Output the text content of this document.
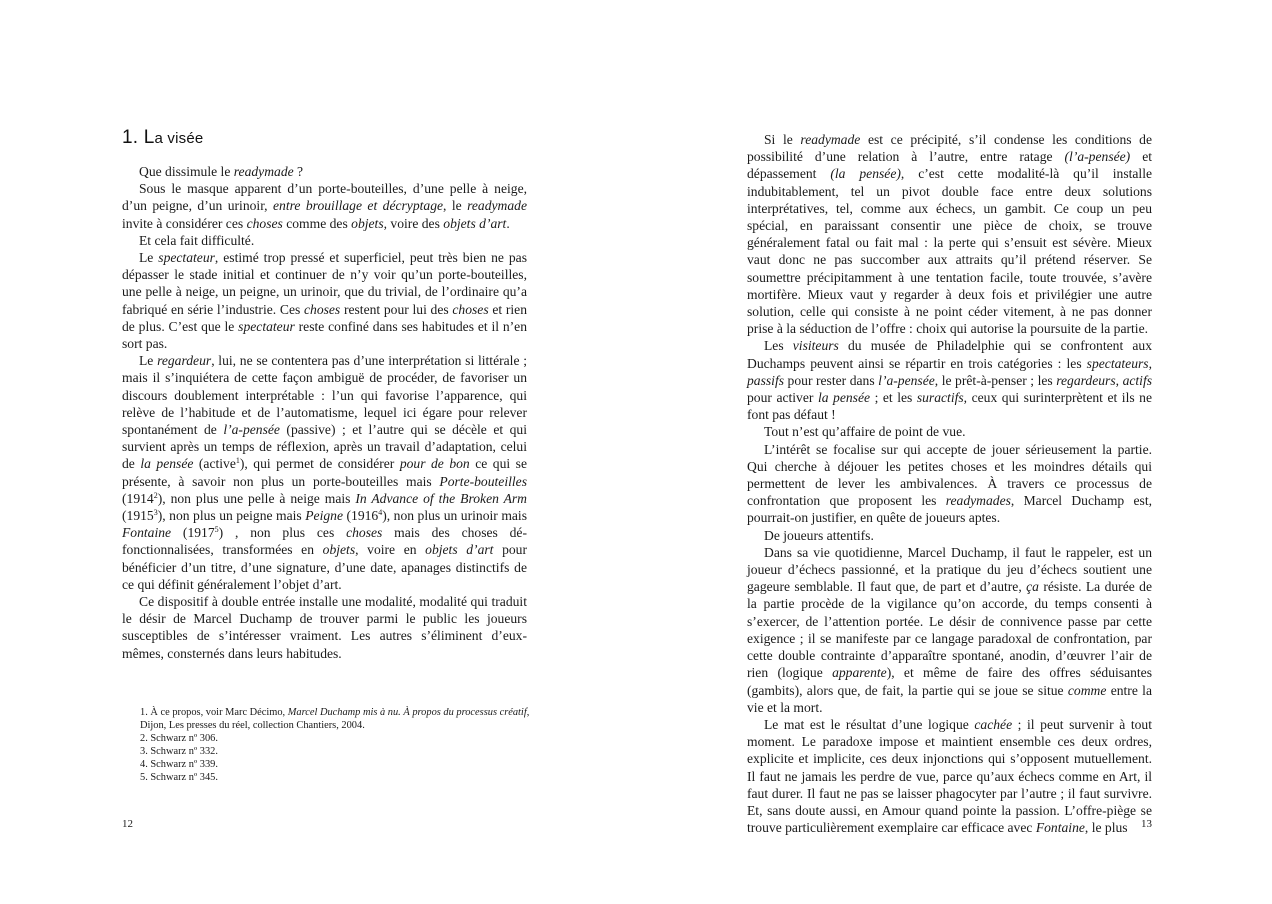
1. La visée

Que dissimule le readymade ?

Sous le masque apparent d’un porte-bouteilles, d’une pelle à neige, d’un peigne, d’un urinoir, entre brouillage et décryptage, le readymade invite à considérer ces choses comme des objets, voire des objets d’art.

Et cela fait difficulté.

Le spectateur, estimé trop pressé et superficiel, peut très bien ne pas dépasser le stade initial et continuer de n’y voir qu’un porte-bouteilles, une pelle à neige, un peigne, un urinoir, que du trivial, de l’ordinaire qu’a fabriqué en série l’industrie. Ces choses restent pour lui des choses et rien de plus. C’est que le spectateur reste confiné dans ses habitudes et il n’en sort pas.

Le regardeur, lui, ne se contentera pas d’une interprétation si littérale ; mais il s’inquiétera de cette façon ambiguë de procéder, de favoriser un discours doublement interprétable : l’un qui favorise l’apparence, qui relève de l’habitude et de l’automatisme, lequel ici égare pour relever spontanément de l’a-pensée (passive) ; et l’autre qui se décèle et qui survient après un temps de réflexion, après un travail d’adaptation, celui de la pensée (active$^1$), qui permet de considérer pour de bon ce qui se présente, à savoir non plus un porte-bouteilles mais Porte-bouteilles (1914$^2$), non plus une pelle à neige mais In Advance of the Broken Arm (1915$^3$), non plus un peigne mais Peigne (1916$^4$), non plus un urinoir mais Fontaine (1917$^5$) , non plus ces choses mais des choses dé-fonctionnalisées, transformées en objets, voire en objets d’art pour bénéficier d’un titre, d’une signature, d’une date, apanages distinctifs de ce qui définit généralement l’objet d’art.

Ce dispositif à double entrée installe une modalité, modalité qui traduit le désir de Marcel Duchamp de trouver parmi le public les joueurs susceptibles de s’intéresser vraiment. Les autres s’éliminent d’eux-mêmes, consternés dans leurs habitudes.

1. À ce propos, voir Marc Décimo, Marcel Duchamp mis à nu. À propos du processus créatif, Dijon, Les presses du réel, collection Chantiers, 2004.
2. Schwarz nº 306.
3. Schwarz nº 332.
4. Schwarz nº 339.
5. Schwarz nº 345.
12

Si le readymade est ce précipité, s’il condense les conditions de possibilité d’une relation à l’autre, entre ratage (l’a-pensée) et dépassement (la pensée), c’est cette modalité-là qu’il installe indubitablement, tel un pivot double face entre deux solutions interprétatives, tel, comme aux échecs, un gambit. Ce coup un peu spécial, en paraissant consentir une pièce de choix, se trouve généralement fatal ou fait mal : la perte qui s’ensuit est sévère. Mieux vaut donc ne pas succomber aux attraits qu’il prétend réserver. Se soumettre précipitamment à une tentation facile, toute trouvée, s’avère mortifère. Mieux vaut y regarder à deux fois et privilégier une autre solution, celle qui consiste à ne point céder vitement, à ne pas donner prise à la séduction de l’offre : choix qui autorise la poursuite de la partie.

Les visiteurs du musée de Philadelphie qui se confrontent aux Duchamps peuvent ainsi se répartir en trois catégories : les spectateurs, passifs pour rester dans l’a-pensée, le prêt-à-penser ; les regardeurs, actifs pour activer la pensée ; et les suractifs, ceux qui surinterprètent et ils ne font pas défaut !

Tout n’est qu’affaire de point de vue.

L’intérêt se focalise sur qui accepte de jouer sérieusement la partie. Qui cherche à déjouer les petites choses et les moindres détails qui permettent de lever les ambivalences. À travers ce processus de confrontation que proposent les readymades, Marcel Duchamp est, pourrait-on justifier, en quête de joueurs aptes.

De joueurs attentifs.

Dans sa vie quotidienne, Marcel Duchamp, il faut le rappeler, est un joueur d’échecs passionné, et la pratique du jeu d’échecs soutient une gageure semblable. Il faut que, de part et d’autre, ça résiste. La durée de la partie procède de la vigilance qu’on accorde, du temps consenti à s’exercer, de l’attention portée. Le désir de connivence passe par cette exigence ; il se manifeste par ce langage paradoxal de confrontation, par cette double contrainte d’apparaître spontané, anodin, d’œuvrer l’air de rien (logique apparente), et même de faire des offres séduisantes (gambits), alors que, de fait, la partie qui se joue se situe comme entre la vie et la mort.

Le mat est le résultat d’une logique cachée ; il peut survenir à tout moment. Le paradoxe impose et maintient ensemble ces deux ordres, explicite et implicite, ces deux injonctions qui s’opposent mutuellement. Il faut ne jamais les perdre de vue, parce qu’aux échecs comme en Art, il faut durer. Il faut ne pas se laisser phagocyter par l’autre ; il faut survivre. Et, sans doute aussi, en Amour quand pointe la passion. L’offre-piège se trouve particulièrement exemplaire car efficace avec Fontaine, le plus	13
